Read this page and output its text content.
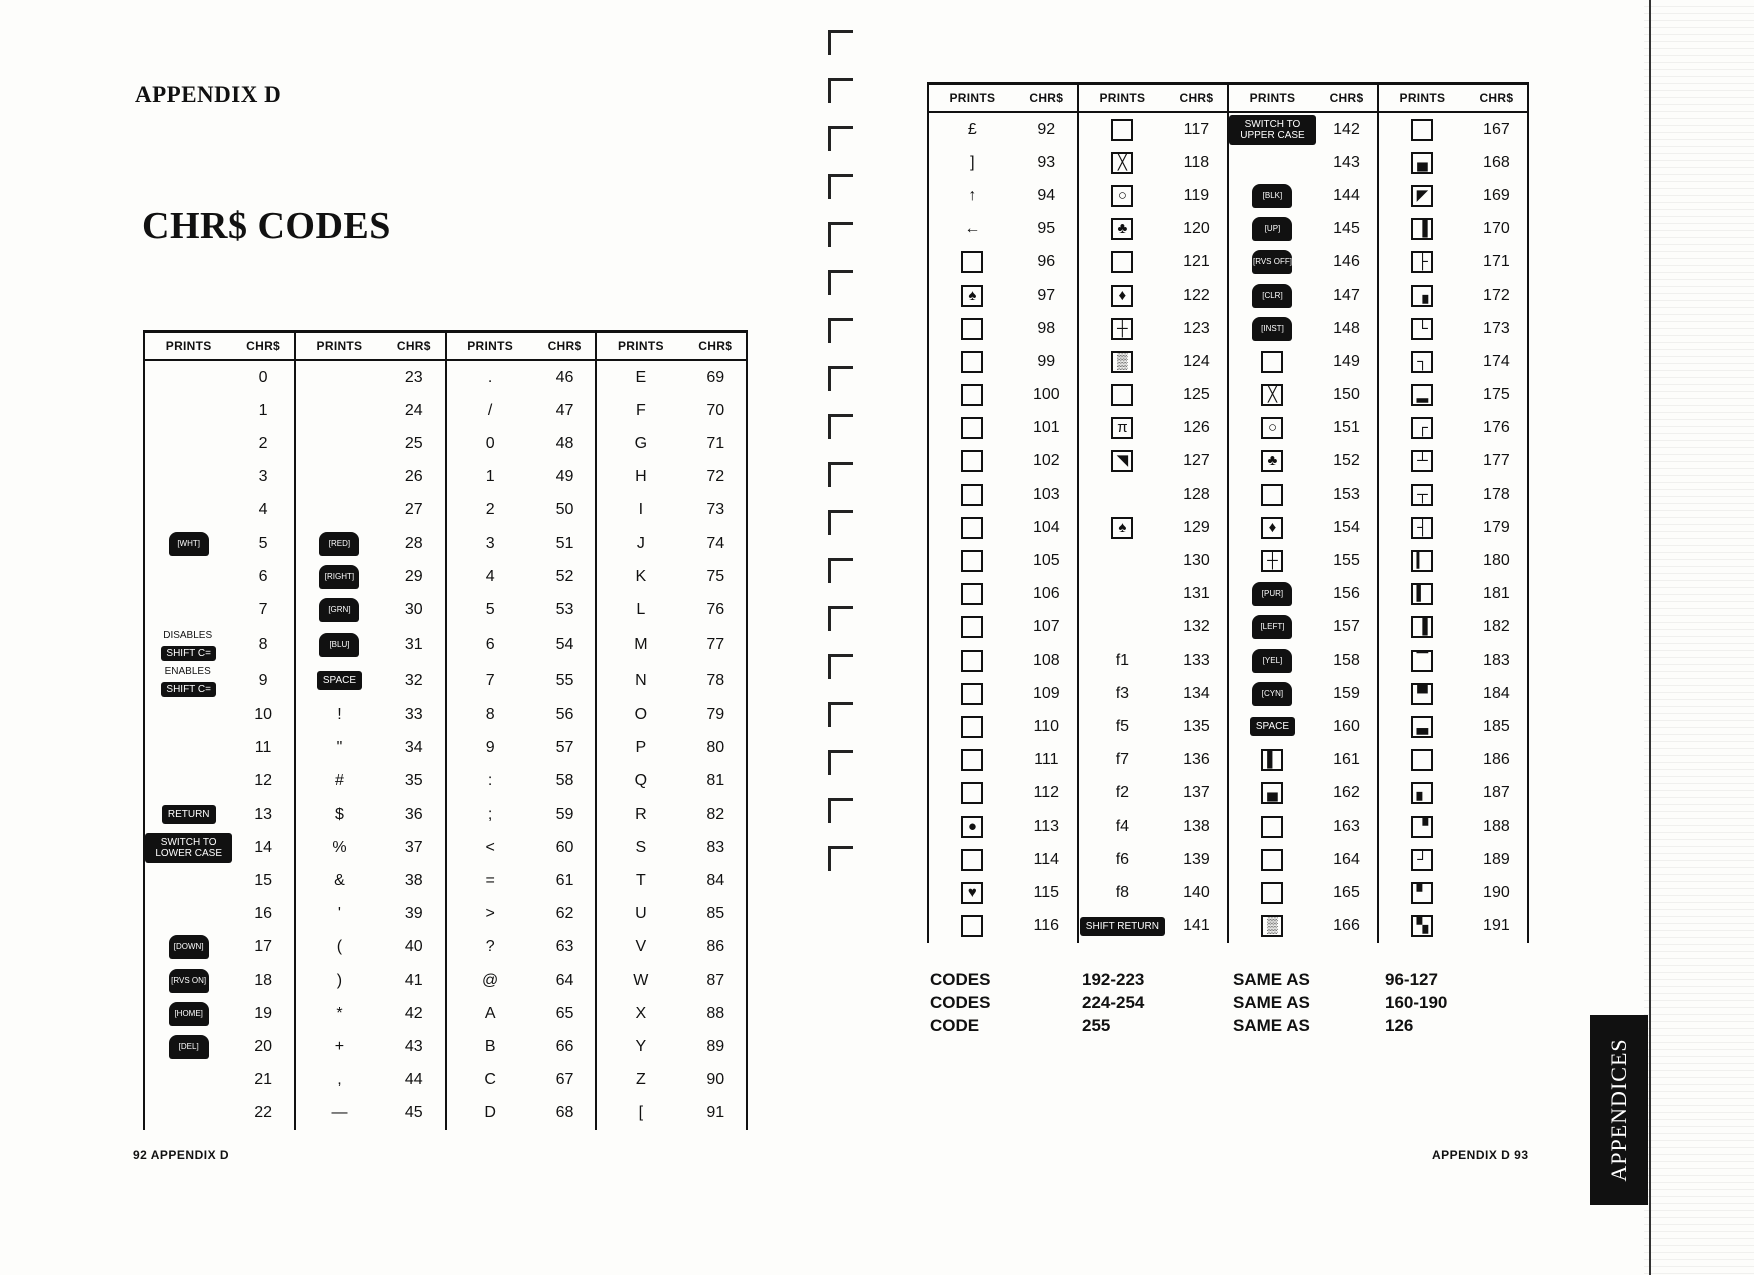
APPENDIX D
CHR$ CODES
PRINTS	CHR$	PRINTS	CHR$	PRINTS	CHR$	PRINTS	CHR$
	0		23	.	46	E	69
	1		24	/	47	F	70
	2		25	0	48	G	71
	3		26	1	49	H	72
	4		27	2	50	I	73
[WHT]	5	[RED]	28	3	51	J	74
	6	[RIGHT]	29	4	52	K	75
	7	[GRN]	30	5	53	L	76
DISABLESSHIFT C=	8	[BLU]	31	6	54	M	77
ENABLESSHIFT C=	9	SPACE	32	7	55	N	78
	10	!	33	8	56	O	79
	11	"	34	9	57	P	80
	12	#	35	:	58	Q	81
RETURN	13	$	36	;	59	R	82
SWITCH TO LOWER CASE	14	%	37	<	60	S	83
	15	&	38	=	61	T	84
	16	'	39	>	62	U	85
[DOWN]	17	(	40	?	63	V	86
[RVS ON]	18	)	41	@	64	W	87
[HOME]	19	*	42	A	65	X	88
[DEL]	20	+	43	B	66	Y	89
	21	,	44	C	67	Z	90
	22	—	45	D	68	[	91
92 APPENDIX D
PRINTS	CHR$	PRINTS	CHR$	PRINTS	CHR$	PRINTS	CHR$
£	92		117	SWITCH TO UPPER CASE	142		167
]	93	╳	118		143	▄	168
↑	94	○	119	[BLK]	144	◤	169
←	95	♣	120	[UP]	145	▐	170
	96		121	[RVS OFF]	146	├	171
♠	97	♦	122	[CLR]	147	▗	172
	98	┼	123	[INST]	148	└	173
	99	▒	124		149	┐	174
	100		125	╳	150	▂	175
	101	π	126	○	151	┌	176
	102	◥	127	♣	152	┴	177
	103		128		153	┬	178
	104	♠	129	♦	154	┤	179
	105		130	┼	155	▎	180
	106		131	[PUR]	156	▍	181
	107		132	[LEFT]	157	▐	182
	108	f1	133	[YEL]	158	▔	183
	109	f3	134	[CYN]	159	▀	184
	110	f5	135	SPACE	160	▃	185
	111	f7	136	▌	161		186
	112	f2	137	▄	162	▖	187
●	113	f4	138		163	▝	188
	114	f6	139		164	┘	189
♥	115	f8	140		165	▘	190
	116	SHIFT RETURN	141	▒	166	▚	191
CODES	192-223	SAME AS	96-127
CODES	224-254	SAME AS	160-190
CODE	255	SAME AS	126
APPENDIX D 93	APPENDICES
